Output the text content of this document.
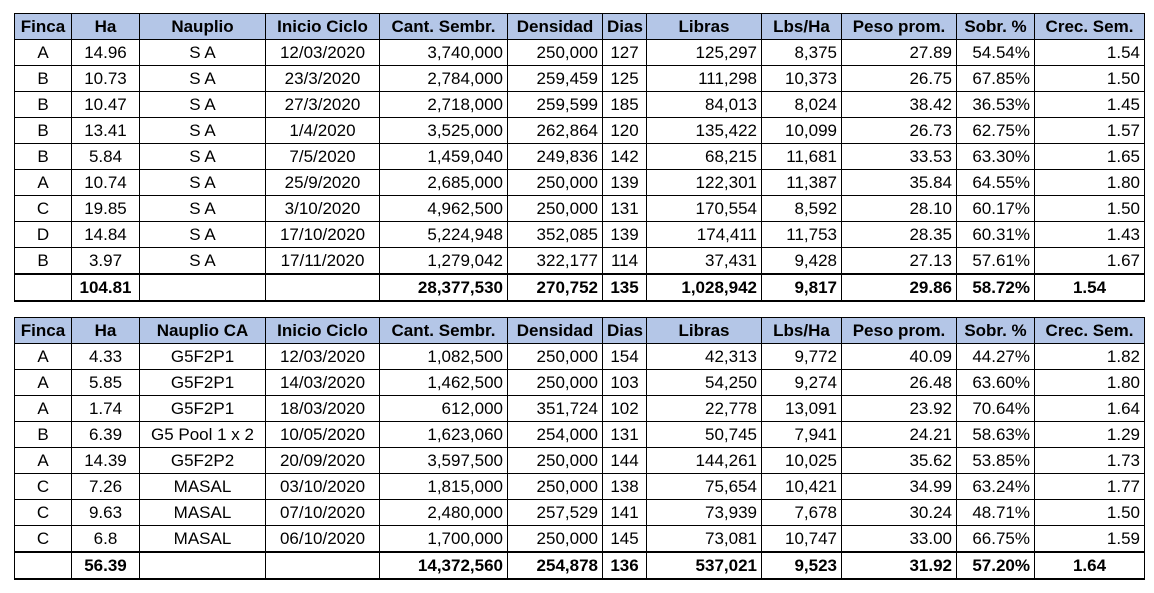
Finca	Ha	Nauplio	Inicio Ciclo	Cant. Sembr.	Densidad	Dias	Libras	Lbs/Ha	Peso prom.	Sobr. %	Crec. Sem.
A	14.96	S A	12/03/2020	3,740,000	250,000	127	125,297	8,375	27.89	54.54%	1.54
B	10.73	S A	23/3/2020	2,784,000	259,459	125	111,298	10,373	26.75	67.85%	1.50
B	10.47	S A	27/3/2020	2,718,000	259,599	185	84,013	8,024	38.42	36.53%	1.45
B	13.41	S A	1/4/2020	3,525,000	262,864	120	135,422	10,099	26.73	62.75%	1.57
B	5.84	S A	7/5/2020	1,459,040	249,836	142	68,215	11,681	33.53	63.30%	1.65
A	10.74	S A	25/9/2020	2,685,000	250,000	139	122,301	11,387	35.84	64.55%	1.80
C	19.85	S A	3/10/2020	4,962,500	250,000	131	170,554	8,592	28.10	60.17%	1.50
D	14.84	S A	17/10/2020	5,224,948	352,085	139	174,411	11,753	28.35	60.31%	1.43
B	3.97	S A	17/11/2020	1,279,042	322,177	114	37,431	9,428	27.13	57.61%	1.67
	104.81			28,377,530	270,752	135	1,028,942	9,817	29.86	58.72%	1.54
Finca	Ha	Nauplio CA	Inicio Ciclo	Cant. Sembr.	Densidad	Dias	Libras	Lbs/Ha	Peso prom.	Sobr. %	Crec. Sem.
A	4.33	G5F2P1	12/03/2020	1,082,500	250,000	154	42,313	9,772	40.09	44.27%	1.82
A	5.85	G5F2P1	14/03/2020	1,462,500	250,000	103	54,250	9,274	26.48	63.60%	1.80
A	1.74	G5F2P1	18/03/2020	612,000	351,724	102	22,778	13,091	23.92	70.64%	1.64
B	6.39	G5 Pool 1 x 2	10/05/2020	1,623,060	254,000	131	50,745	7,941	24.21	58.63%	1.29
A	14.39	G5F2P2	20/09/2020	3,597,500	250,000	144	144,261	10,025	35.62	53.85%	1.73
C	7.26	MASAL	03/10/2020	1,815,000	250,000	138	75,654	10,421	34.99	63.24%	1.77
C	9.63	MASAL	07/10/2020	2,480,000	257,529	141	73,939	7,678	30.24	48.71%	1.50
C	6.8	MASAL	06/10/2020	1,700,000	250,000	145	73,081	10,747	33.00	66.75%	1.59
	56.39			14,372,560	254,878	136	537,021	9,523	31.92	57.20%	1.64
